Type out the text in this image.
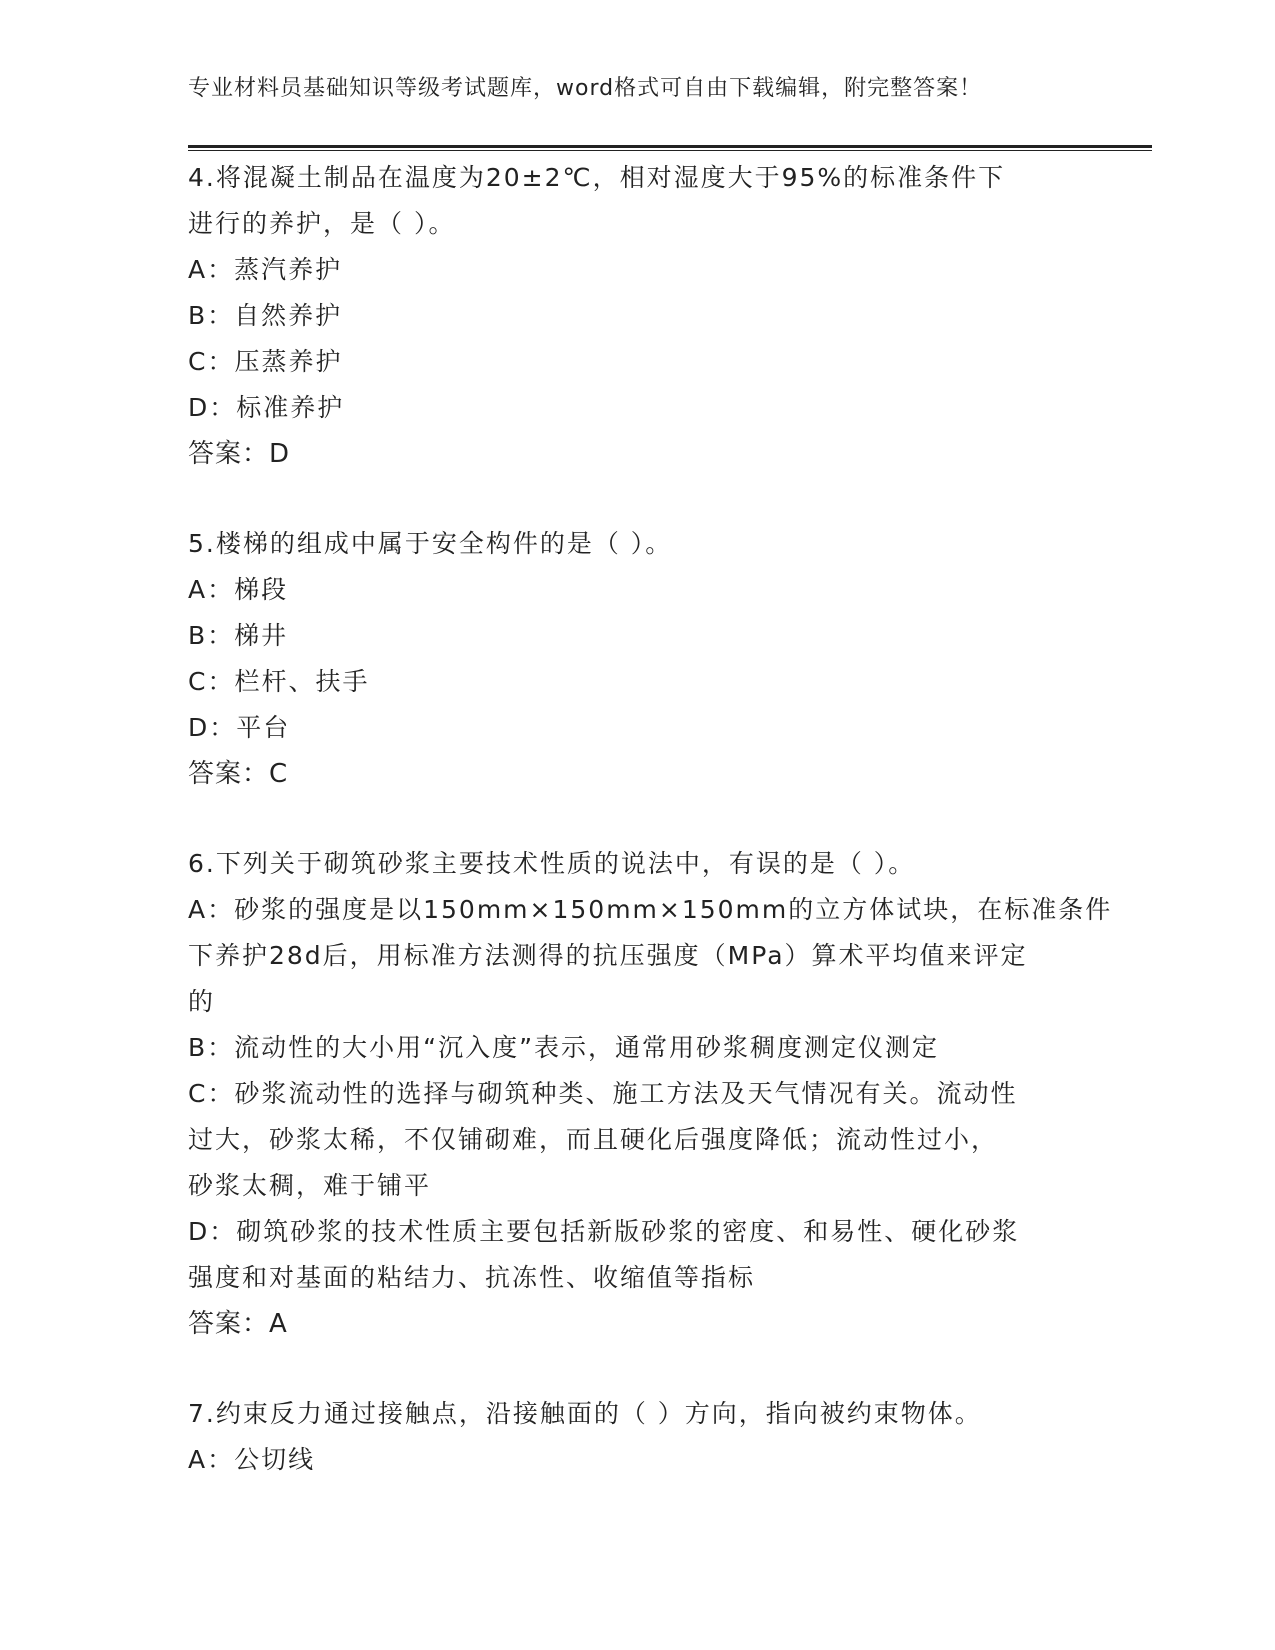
专业材料员基础知识等级考试题库，word格式可自由下载编辑，附完整答案！
4.将混凝土制品在温度为20±2℃，相对湿度大于95%的标准条件下
进行的养护，是（ ）。
A：蒸汽养护
B：自然养护
C：压蒸养护
D：标准养护
答案：D
5.楼梯的组成中属于安全构件的是（ ）。
A：梯段
B：梯井
C：栏杆、扶手
D：平台
答案：C
6.下列关于砌筑砂浆主要技术性质的说法中，有误的是（ ）。
A：砂浆的强度是以150mm×150mm×150mm的立方体试块，在标准条件
下养护28d后，用标准方法测得的抗压强度（MPa）算术平均值来评定
的
B：流动性的大小用“沉入度”表示，通常用砂浆稠度测定仪测定
C：砂浆流动性的选择与砌筑种类、施工方法及天气情况有关。流动性
过大，砂浆太稀，不仅铺砌难，而且硬化后强度降低；流动性过小，
砂浆太稠，难于铺平
D：砌筑砂浆的技术性质主要包括新版砂浆的密度、和易性、硬化砂浆
强度和对基面的粘结力、抗冻性、收缩值等指标
答案：A
7.约束反力通过接触点，沿接触面的（ ）方向，指向被约束物体。
A：公切线
